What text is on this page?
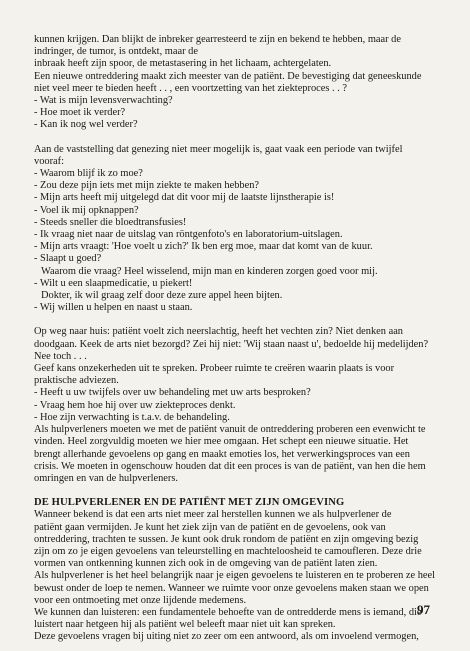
kunnen krijgen. Dan blijkt de inbreker gearresteerd te zijn en bekend te hebben, maar de
indringer, de tumor, is ontdekt, maar de
inbraak heeft zijn spoor, de metastasering in het lichaam, achtergelaten.
Een nieuwe ontreddering maakt zich meester van de patiënt. De bevestiging dat geneeskunde
niet veel meer te bieden heeft . . , een voortzetting van het ziekteproces . . ?
- Wat is mijn levensverwachting?
- Hoe moet ik verder?
- Kan ik nog wel verder?
Aan de vaststelling dat genezing niet meer mogelijk is, gaat vaak een periode van twijfel
vooraf:
- Waarom blijf ik zo moe?
- Zou deze pijn iets met mijn ziekte te maken hebben?
- Mijn arts heeft mij uitgelegd dat dit voor mij de laatste lijnstherapie is!
- Voel ik mij opknappen?
- Steeds sneller die bloedtransfusies!
- Ik vraag niet naar de uitslag van röntgenfoto's en laboratorium-uitslagen.
- Mijn arts vraagt: 'Hoe voelt u zich?' Ik ben erg moe, maar dat komt van de kuur.
- Slaapt u goed?
Waarom die vraag? Heel wisselend, mijn man en kinderen zorgen goed voor mij.
- Wilt u een slaapmedicatie, u piekert!
Dokter, ik wil graag zelf door deze zure appel heen bijten.
- Wij willen u helpen en naast u staan.
Op weg naar huis: patiënt voelt zich neerslachtig, heeft het vechten zin? Niet denken aan
doodgaan. Keek de arts niet bezorgd? Zei hij niet: 'Wij staan naast u', bedoelde hij medelijden?
Nee toch . . .
Geef kans onzekerheden uit te spreken. Probeer ruimte te creëren waarin plaats is voor
praktische adviezen.
- Heeft u uw twijfels over uw behandeling met uw arts besproken?
- Vraag hem hoe hij over uw ziekteproces denkt.
- Hoe zijn verwachting is t.a.v. de behandeling.
Als hulpverleners moeten we met de patiënt vanuit de ontreddering proberen een evenwicht te
vinden. Heel zorgvuldig moeten we hier mee omgaan. Het schept een nieuwe situatie. Het
brengt allerhande gevoelens op gang en maakt emoties los, het verwerkingsproces van een
crisis. We moeten in ogenschouw houden dat dit een proces is van de patiënt, van hen die hem
omringen en van de hulpverleners.
DE HULPVERLENER EN DE PATIËNT MET ZIJN OMGEVING
Wanneer bekend is dat een arts niet meer zal herstellen kunnen we als hulpverlener de
patiënt gaan vermijden. Je kunt het ziek zijn van de patiënt en de gevoelens, ook van
ontreddering, trachten te sussen. Je kunt ook druk rondom de patiënt en zijn omgeving bezig
zijn om zo je eigen gevoelens van teleurstelling en machteloosheid te camoufleren. Deze drie
vormen van ontkenning kunnen zich ook in de omgeving van de patiënt laten zien.
Als hulpverlener is het heel belangrijk naar je eigen gevoelens te luisteren en te proberen ze heel
bewust onder de loep te nemen. Wanneer we ruimte voor onze gevoelens maken staan we open
voor een ontmoeting met onze lijdende medemens.
We kunnen dan luisteren: een fundamentele behoefte van de ontredderde mens is iemand, die
luistert naar hetgeen hij als patiënt wel beleeft maar niet uit kan spreken.
Deze gevoelens vragen bij uiting niet zo zeer om een antwoord, als om invoelend vermogen,
97
